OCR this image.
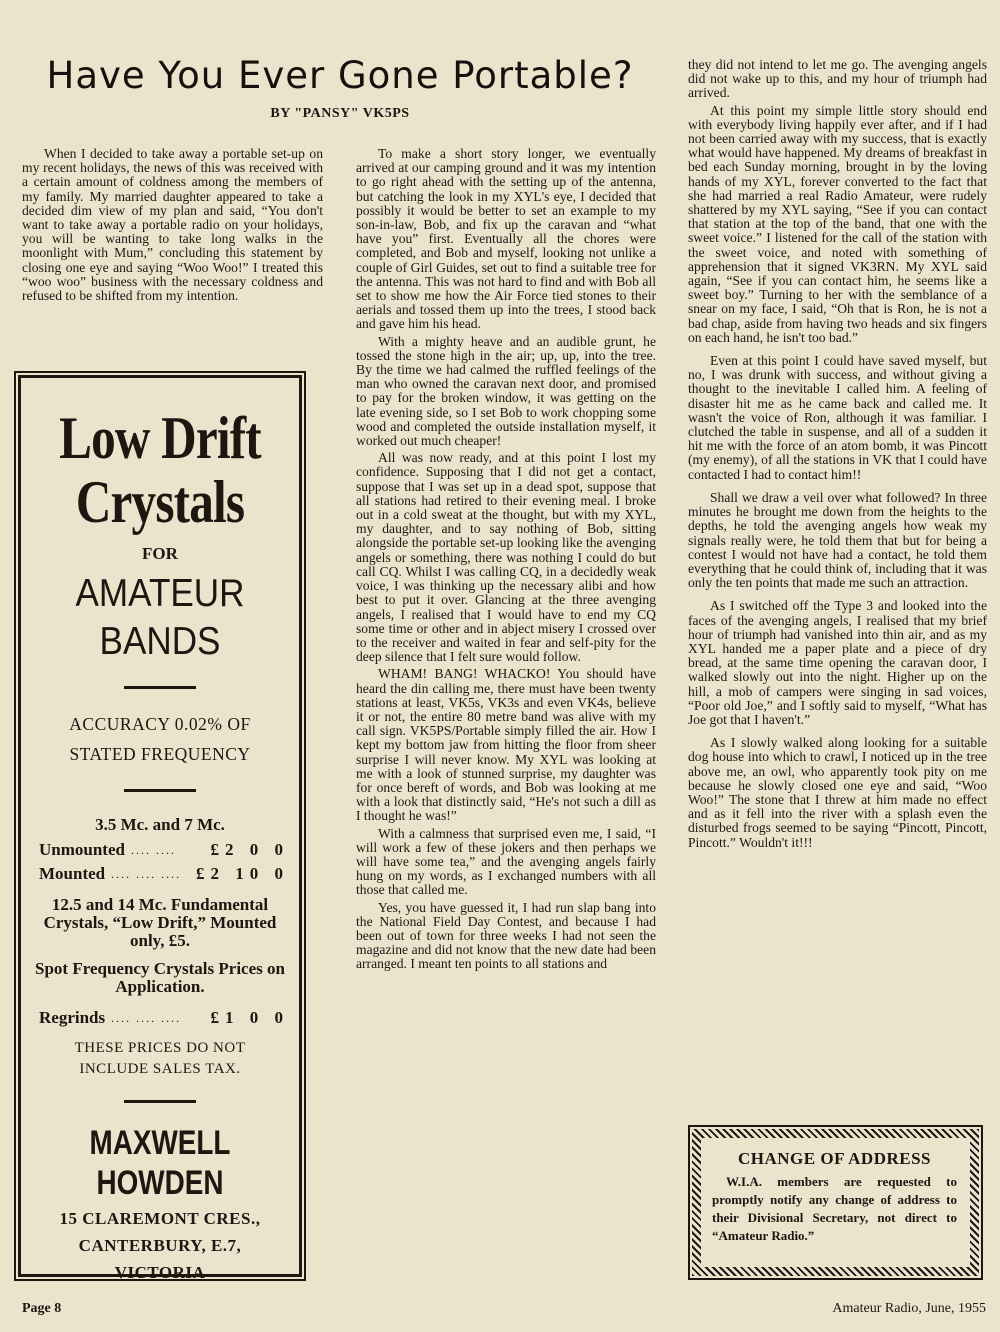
Have You Ever Gone Portable?
BY "PANSY" VK5PS

When I decided to take away a portable set-up on my recent holidays, the news of this was received with a certain amount of coldness among the members of my family. My married daughter appeared to take a decided dim view of my plan and said, “You don't want to take away a portable radio on your holidays, you will be wanting to take long walks in the moonlight with Mum,” concluding this statement by closing one eye and saying “Woo Woo!” I treated this “woo woo” business with the necessary coldness and refused to be shifted from my intention.

Low Drift Crystals
FOR
AMATEUR BANDS
ACCURACY 0.02% OF
STATED FREQUENCY
3.5 Mc. and 7 Mc.
Unmounted .... ....	£2 0 0
Mounted .... .... .... £2 10 0
12.5 and 14 Mc. Fundamental Crystals, “Low Drift,” Mounted only, £5.
Spot Frequency Crystals Prices on Application.
Regrinds .... .... ....	£1 0 0
THESE PRICES DO NOT
INCLUDE SALES TAX.
MAXWELL HOWDEN
15 CLAREMONT CRES.,
CANTERBURY, E.7,
VICTORIA

To make a short story longer, we eventually arrived at our camping ground and it was my intention to go right ahead with the setting up of the antenna, but catching the look in my XYL's eye, I decided that possibly it would be better to set an example to my son-in-law, Bob, and fix up the caravan and “what have you” first. Eventually all the chores were completed, and Bob and myself, looking not unlike a couple of Girl Guides, set out to find a suitable tree for the antenna. This was not hard to find and with Bob all set to show me how the Air Force tied stones to their aerials and tossed them up into the trees, I stood back and gave him his head.

With a mighty heave and an audible grunt, he tossed the stone high in the air; up, up, into the tree. By the time we had calmed the ruffled feelings of the man who owned the caravan next door, and promised to pay for the broken window, it was getting on the late evening side, so I set Bob to work chopping some wood and completed the outside installation myself, it worked out much cheaper!

All was now ready, and at this point I lost my confidence. Supposing that I did not get a contact, suppose that I was set up in a dead spot, suppose that all stations had retired to their evening meal. I broke out in a cold sweat at the thought, but with my XYL, my daughter, and to say nothing of Bob, sitting alongside the portable set-up looking like the avenging angels or something, there was nothing I could do but call CQ. Whilst I was calling CQ, in a decidedly weak voice, I was thinking up the necessary alibi and how best to put it over. Glancing at the three avenging angels, I realised that I would have to end my CQ some time or other and in abject misery I crossed over to the receiver and waited in fear and self-pity for the deep silence that I felt sure would follow.

WHAM! BANG! WHACKO! You should have heard the din calling me, there must have been twenty stations at least, VK5s, VK3s and even VK4s, believe it or not, the entire 80 metre band was alive with my call sign. VK5PS/Portable simply filled the air. How I kept my bottom jaw from hitting the floor from sheer surprise I will never know. My XYL was looking at me with a look of stunned surprise, my daughter was for once bereft of words, and Bob was looking at me with a look that distinctly said, “He's not such a dill as I thought he was!”

With a calmness that surprised even me, I said, “I will work a few of these jokers and then perhaps we will have some tea,” and the avenging angels fairly hung on my words, as I exchanged numbers with all those that called me.

Yes, you have guessed it, I had run slap bang into the National Field Day Contest, and because I had been out of town for three weeks I had not seen the magazine and did not know that the new date had been arranged. I meant ten points to all stations and

they did not intend to let me go. The avenging angels did not wake up to this, and my hour of triumph had arrived.

At this point my simple little story should end with everybody living happily ever after, and if I had not been carried away with my success, that is exactly what would have happened. My dreams of breakfast in bed each Sunday morning, brought in by the loving hands of my XYL, forever converted to the fact that she had married a real Radio Amateur, were rudely shattered by my XYL saying, “See if you can contact that station at the top of the band, that one with the sweet voice.” I listened for the call of the station with the sweet voice, and noted with something of apprehension that it signed VK3RN. My XYL said again, “See if you can contact him, he seems like a sweet boy.” Turning to her with the semblance of a snear on my face, I said, “Oh that is Ron, he is not a bad chap, aside from having two heads and six fingers on each hand, he isn't too bad.”

Even at this point I could have saved myself, but no, I was drunk with success, and without giving a thought to the inevitable I called him. A feeling of disaster hit me as he came back and called me. It wasn't the voice of Ron, although it was familiar. I clutched the table in suspense, and all of a sudden it hit me with the force of an atom bomb, it was Pincott (my enemy), of all the stations in VK that I could have contacted I had to contact him!!

Shall we draw a veil over what followed? In three minutes he brought me down from the heights to the depths, he told the avenging angels how weak my signals really were, he told them that but for being a contest I would not have had a contact, he told them everything that he could think of, including that it was only the ten points that made me such an attraction.

As I switched off the Type 3 and looked into the faces of the avenging angels, I realised that my brief hour of triumph had vanished into thin air, and as my XYL handed me a paper plate and a piece of dry bread, at the same time opening the caravan door, I walked slowly out into the night. Higher up on the hill, a mob of campers were singing in sad voices, “Poor old Joe,” and I softly said to myself, “What has Joe got that I haven't.”

As I slowly walked along looking for a suitable dog house into which to crawl, I noticed up in the tree above me, an owl, who apparently took pity on me because he slowly closed one eye and said, “Woo Woo!” The stone that I threw at him made no effect and as it fell into the river with a splash even the disturbed frogs seemed to be saying “Pincott, Pincott, Pincott.” Wouldn't it!!!

CHANGE OF ADDRESS
W.I.A. members are requested to promptly notify any change of address to their Divisional Secretary, not direct to “Amateur Radio.”
Page 8	Amateur Radio, June, 1955
